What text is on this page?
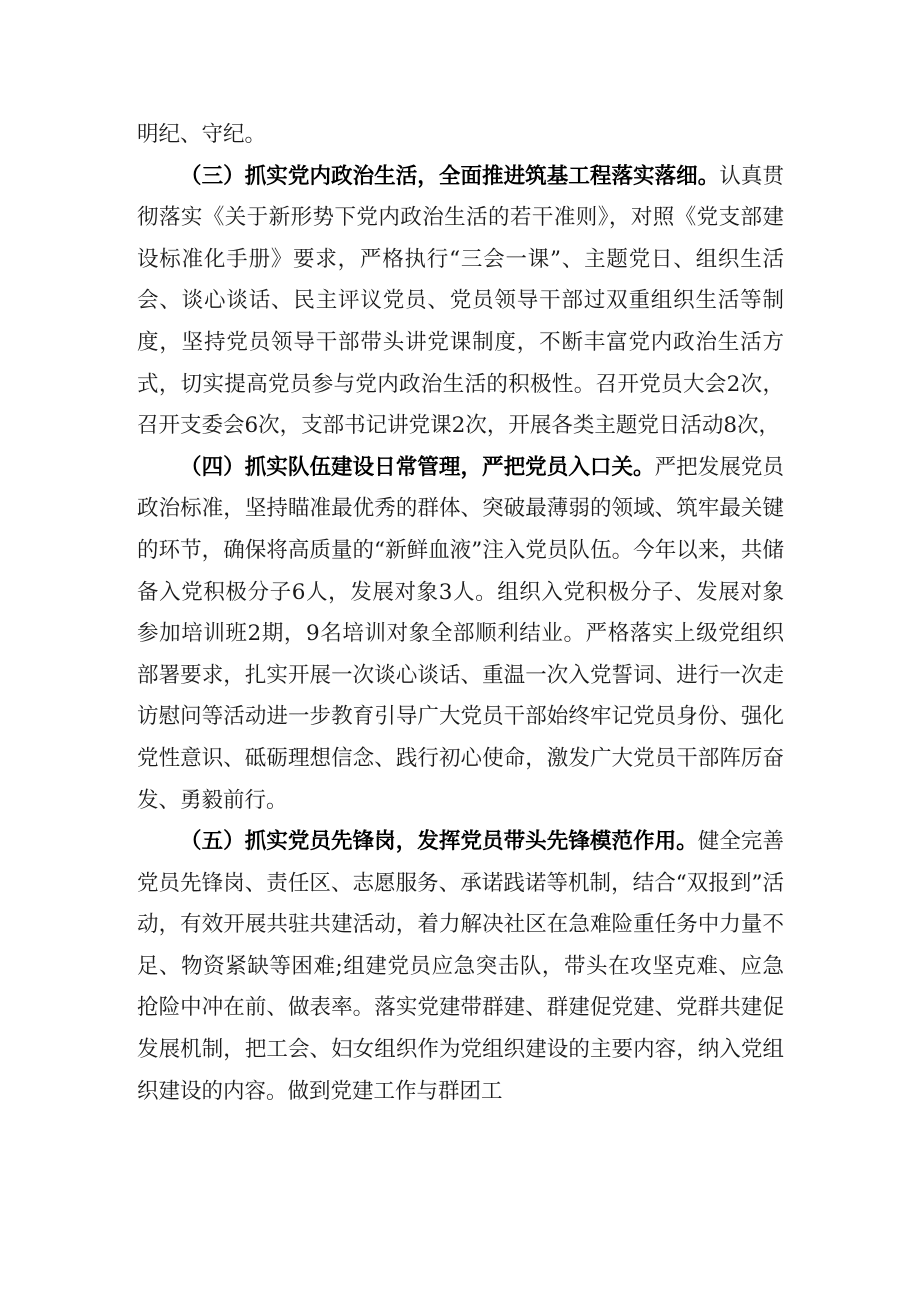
明纪、守纪。

（三）抓实党内政治生活，全面推进筑基工程落实落细。认真贯彻落实《关于新形势下党内政治生活的若干准则》，对照《党支部建设标准化手册》要求，严格执行“三会一课”、主题党日、组织生活会、谈心谈话、民主评议党员、党员领导干部过双重组织生活等制度，坚持党员领导干部带头讲党课制度，不断丰富党内政治生活方式，切实提高党员参与党内政治生活的积极性。召开党员大会2次，召开支委会6次，支部书记讲党课2次，开展各类主题党日活动8次，

（四）抓实队伍建设日常管理，严把党员入口关。严把发展党员政治标准，坚持瞄准最优秀的群体、突破最薄弱的领域、筑牢最关键的环节，确保将高质量的“新鲜血液”注入党员队伍。今年以来，共储备入党积极分子6人，发展对象3人。组织入党积极分子、发展对象参加培训班2期，9名培训对象全部顺利结业。严格落实上级党组织部署要求，扎实开展一次谈心谈话、重温一次入党誓词、进行一次走访慰问等活动进一步教育引导广大党员干部始终牢记党员身份、强化党性意识、砥砺理想信念、践行初心使命，激发广大党员干部阵厉奋发、勇毅前行。

（五）抓实党员先锋岗，发挥党员带头先锋模范作用。健全完善党员先锋岗、责任区、志愿服务、承诺践诺等机制，结合“双报到”活动，有效开展共驻共建活动，着力解决社区在急难险重任务中力量不足、物资紧缺等困难;组建党员应急突击队，带头在攻坚克难、应急抢险中冲在前、做表率。落实党建带群建、群建促党建、党群共建促发展机制，把工会、妇女组织作为党组织建设的主要内容，纳入党组织建设的内容。做到党建工作与群团工
